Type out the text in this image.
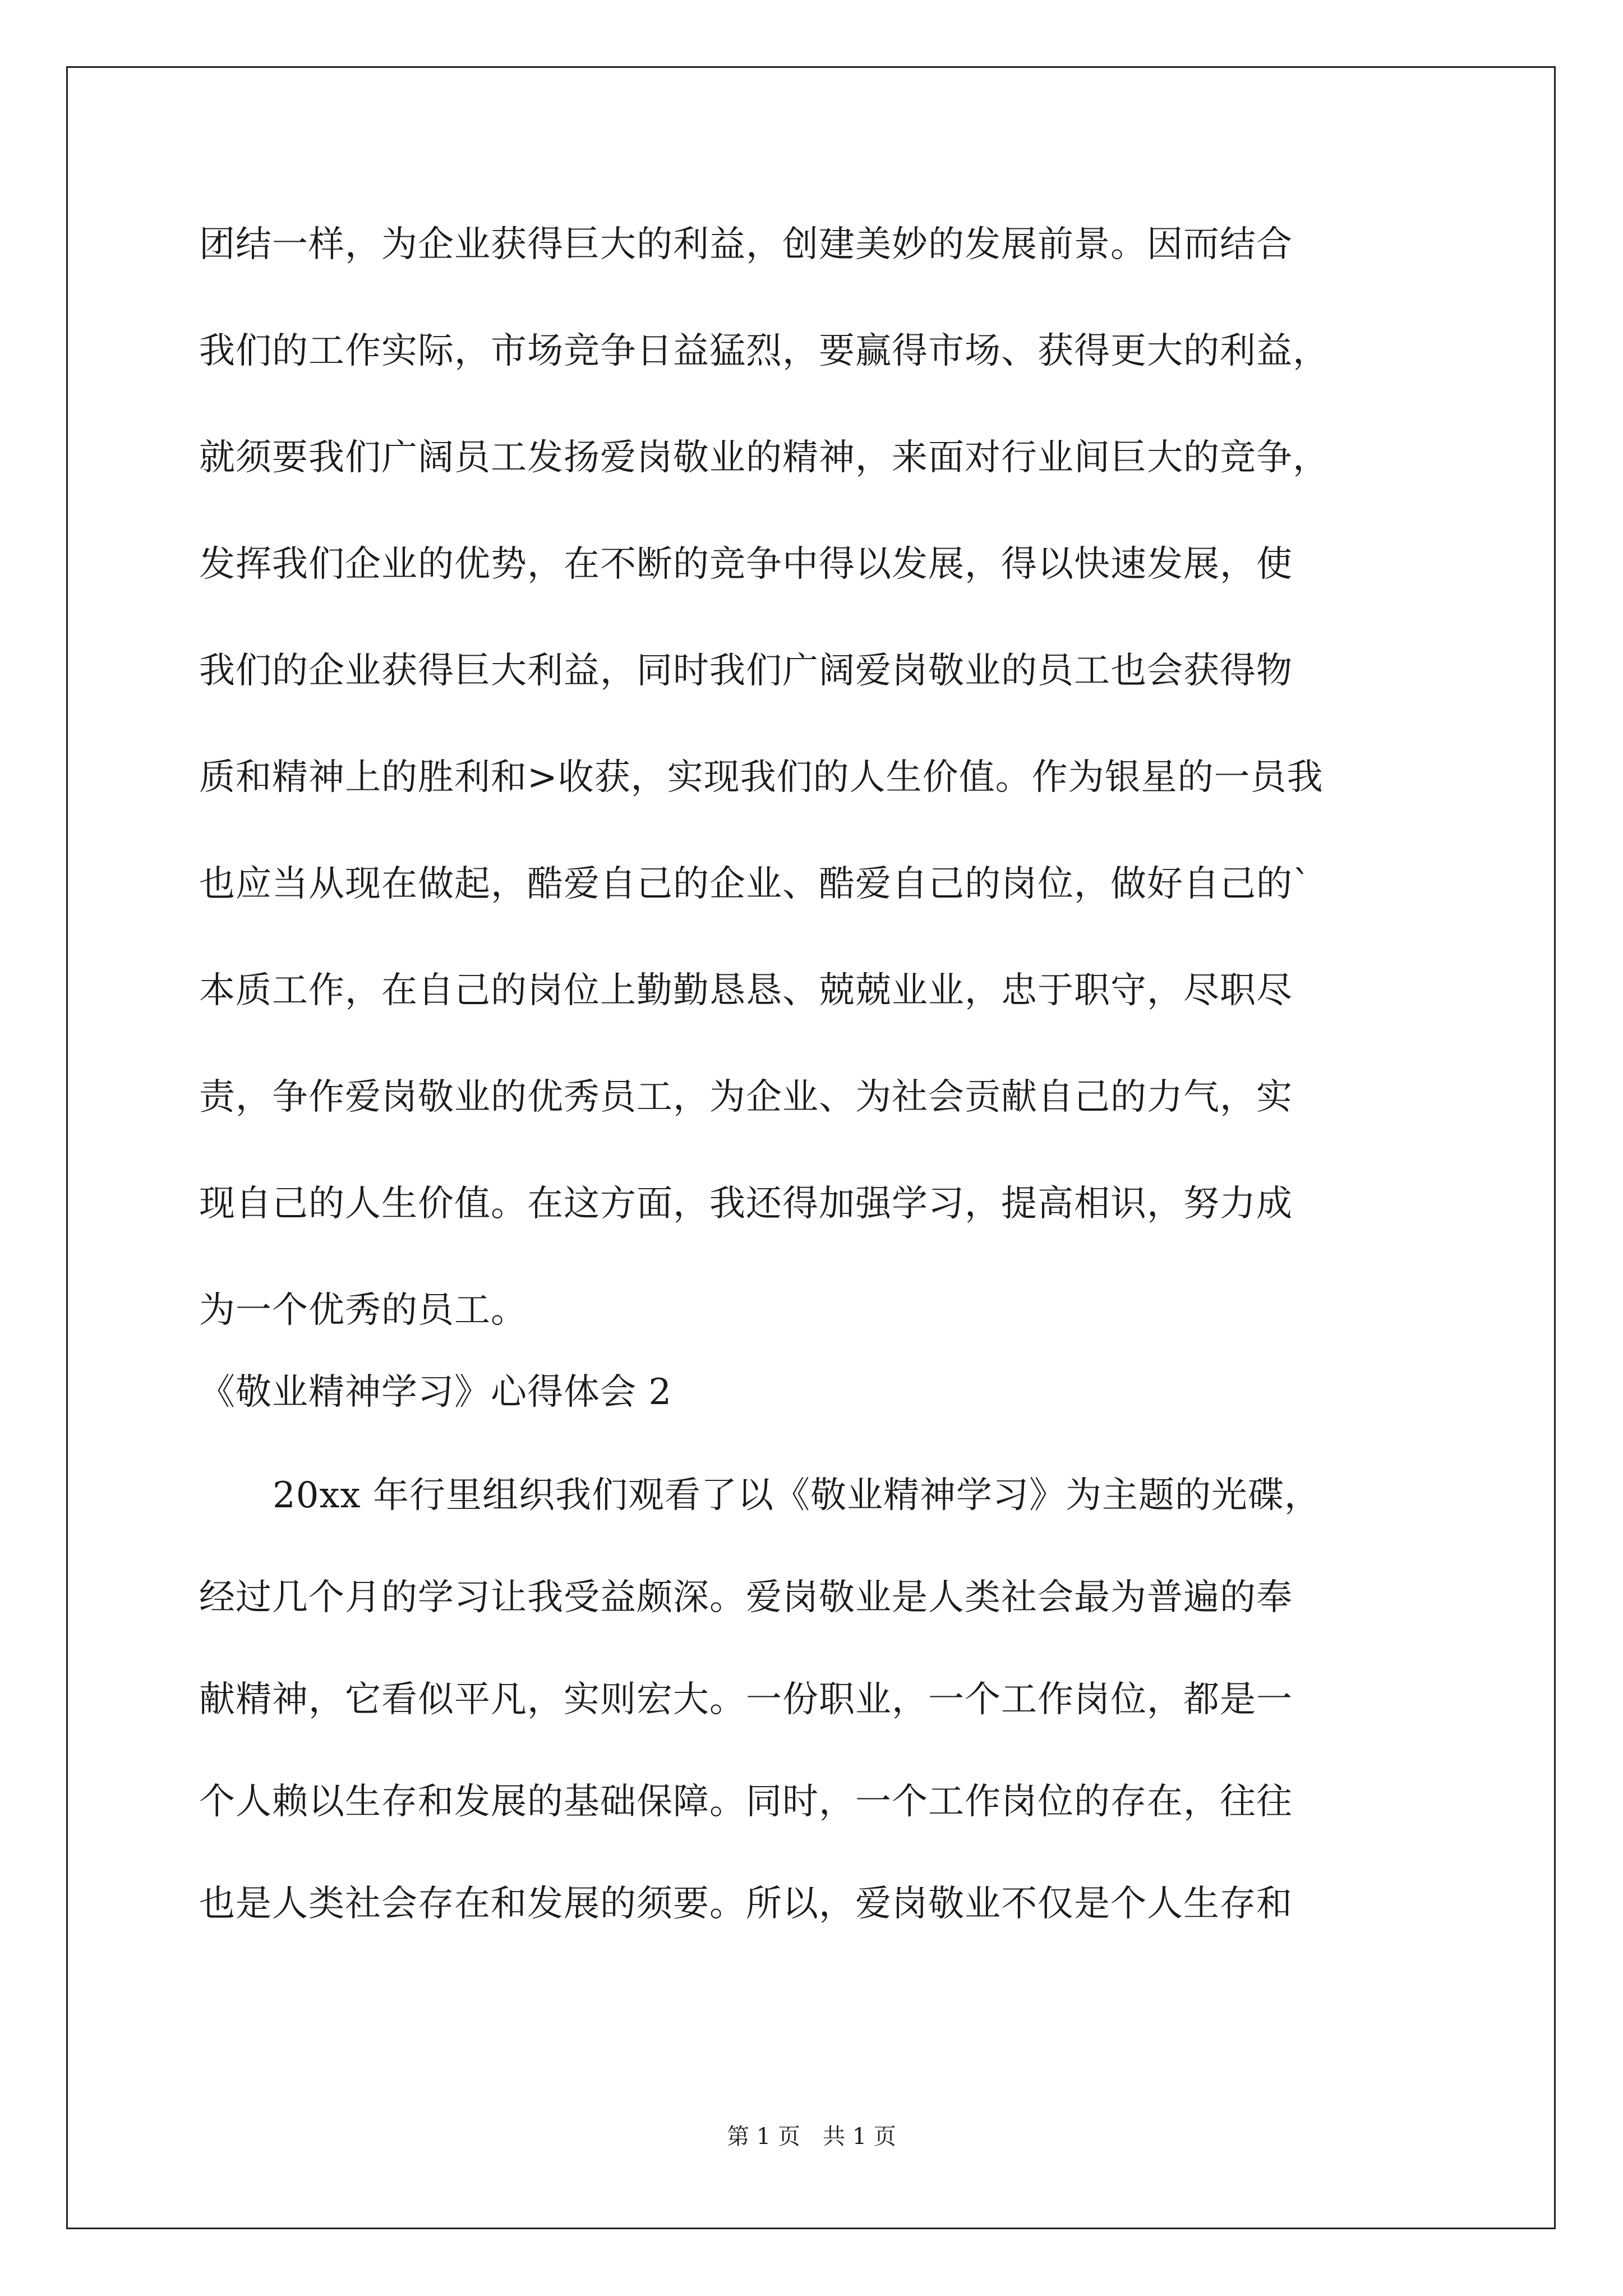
团结一样，为企业获得巨大的利益，创建美妙的发展前景。因而结合
我们的工作实际，市场竞争日益猛烈，要赢得市场、获得更大的利益，
就须要我们广阔员工发扬爱岗敬业的精神，来面对行业间巨大的竞争，
发挥我们企业的优势，在不断的竞争中得以发展，得以快速发展，使
我们的企业获得巨大利益，同时我们广阔爱岗敬业的员工也会获得物
质和精神上的胜利和>收获，实现我们的人生价值。作为银星的一员我
也应当从现在做起，酷爱自己的企业、酷爱自己的岗位，做好自己的`
本质工作，在自己的岗位上勤勤恳恳、兢兢业业，忠于职守，尽职尽
责，争作爱岗敬业的优秀员工，为企业、为社会贡献自己的力气，实
现自己的人生价值。在这方面，我还得加强学习，提高相识，努力成
为一个优秀的员工。
《敬业精神学习》心得体会 2
20xx 年行里组织我们观看了以《敬业精神学习》为主题的光碟，
经过几个月的学习让我受益颇深。爱岗敬业是人类社会最为普遍的奉
献精神，它看似平凡，实则宏大。一份职业，一个工作岗位，都是一
个人赖以生存和发展的基础保障。同时，一个工作岗位的存在，往往
也是人类社会存在和发展的须要。所以，爱岗敬业不仅是个人生存和
第 1 页　共 1 页
